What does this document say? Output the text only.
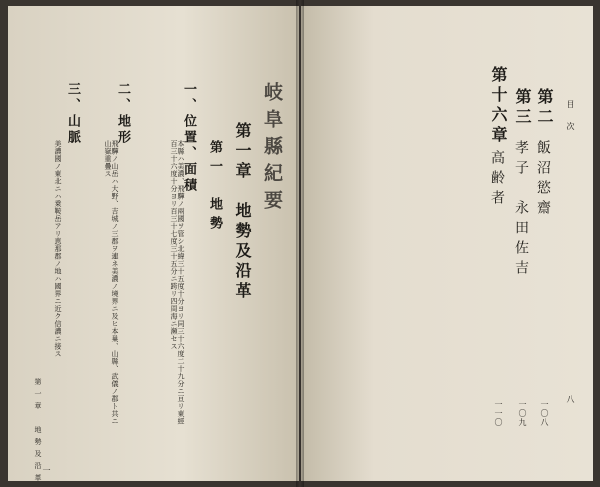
岐阜縣紀要
第一章　地勢及沿革
第一　地勢
一、位置、面積
本縣ハ美濃、飛驒ノ兩國ヲ管シ北緯三十五度十分ヨリ同三十六度二十九分ニ亘リ東經百三十六度十分ヨリ百三十七度三十五分ニ跨リ四周海ニ瀕セス
二、地形
飛驒ノ山岳ハ大野、吉城ノ三郡ヲ連ネ美濃ノ境界ニ及ヒ本巢、山縣、武儀ノ郡ト共ニ山嶽重疊ス
三、山脈
美濃國ノ東北ニハ乗鞍岳アリ恵那郡ノ地ハ國界ニ近ク信濃ニ接ス
第一章　地勢及沿革 一
目　次
八
第二
飯沼慾齋
一〇八
第三
孝子　永田佐吉
一〇九
第十六章
高齢者
一一〇
